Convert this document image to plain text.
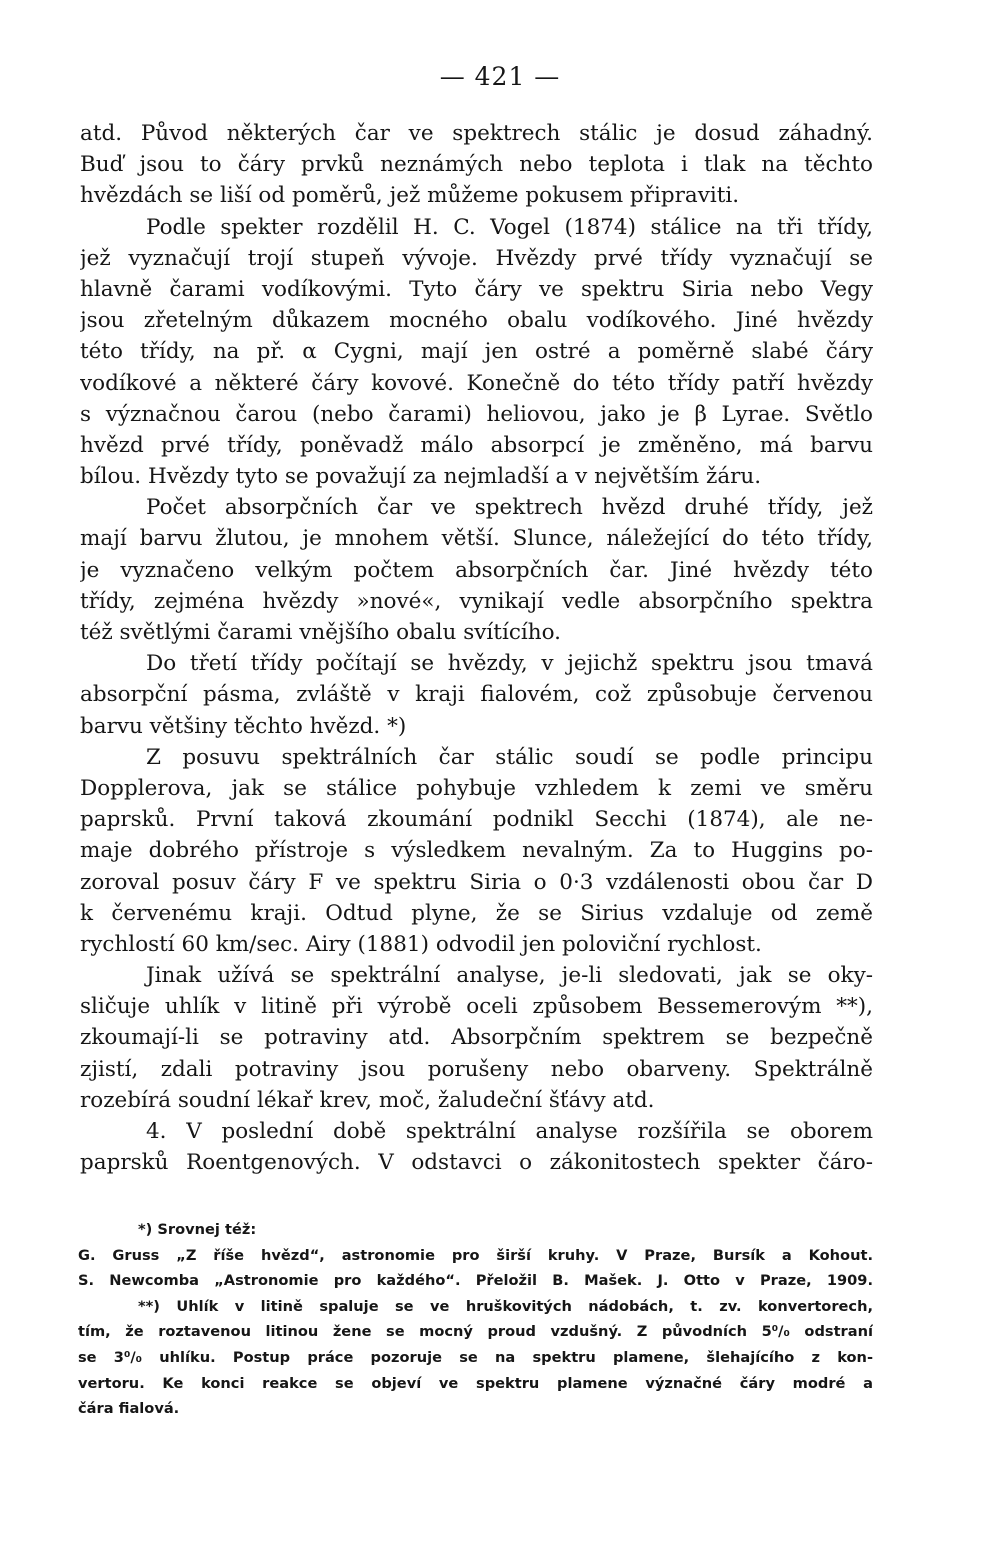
— 421 —
atd. Původ některých čar ve spektrech stálic je dosud záhadný.
Buď jsou to čáry prvků neznámých nebo teplota i tlak na těchto
hvězdách se liší od poměrů, jež můžeme pokusem připraviti.
Podle spekter rozdělil H. C. Vogel (1874) stálice na tři třídy,
jež vyznačují trojí stupeň vývoje. Hvězdy prvé třídy vyznačují se
hlavně čarami vodíkovými. Tyto čáry ve spektru Siria nebo Vegy
jsou zřetelným důkazem mocného obalu vodíkového. Jiné hvězdy
této třídy, na př. α Cygni, mají jen ostré a poměrně slabé čáry
vodíkové a některé čáry kovové. Konečně do této třídy patří hvězdy
s význačnou čarou (nebo čarami) heliovou, jako je β Lyrae. Světlo
hvězd prvé třídy, poněvadž málo absorpcí je změněno, má barvu
bílou. Hvězdy tyto se považují za nejmladší a v největším žáru.
Počet absorpčních čar ve spektrech hvězd druhé třídy, jež
mají barvu žlutou, je mnohem větší. Slunce, náležející do této třídy,
je vyznačeno velkým počtem absorpčních čar. Jiné hvězdy této
třídy, zejména hvězdy »nové«, vynikají vedle absorpčního spektra
též světlými čarami vnějšího obalu svítícího.
Do třetí třídy počítají se hvězdy, v jejichž spektru jsou tmavá
absorpční pásma, zvláště v kraji fialovém, což způsobuje červenou
barvu většiny těchto hvězd. *)
Z posuvu spektrálních čar stálic soudí se podle principu
Dopplerova, jak se stálice pohybuje vzhledem k zemi ve směru
paprsků. První taková zkoumání podnikl Secchi (1874), ale ne-
maje dobrého přístroje s výsledkem nevalným. Za to Huggins po-
zoroval posuv čáry F ve spektru Siria o 0·3 vzdálenosti obou čar D
k červenému kraji. Odtud plyne, že se Sirius vzdaluje od země
rychlostí 60 km/sec. Airy (1881) odvodil jen poloviční rychlost.
Jinak užívá se spektrální analyse, je-li sledovati, jak se oky-
sličuje uhlík v litině při výrobě oceli způsobem Bessemerovým **),
zkoumají-li se potraviny atd. Absorpčním spektrem se bezpečně
zjistí, zdali potraviny jsou porušeny nebo obarveny. Spektrálně
rozebírá soudní lékař krev, moč, žaludeční šťávy atd.
4. V poslední době spektrální analyse rozšířila se oborem
paprsků Roentgenových. V odstavci o zákonitostech spekter čáro-
*) Srovnej též:
G. Gruss „Z říše hvězd“, astronomie pro širší kruhy. V Praze, Bursík a Kohout.
S. Newcomba „Astronomie pro každého“. Přeložil B. Mašek. J. Otto v Praze, 1909.
**) Uhlík v litině spaluje se ve hruškovitých nádobách, t. zv. konvertorech,
tím, že roztavenou litinou žene se mocný proud vzdušný. Z původních 5⁰/₀ odstraní
se 3⁰/₀ uhlíku. Postup práce pozoruje se na spektru plamene, šlehajícího z kon-
vertoru. Ke konci reakce se objeví ve spektru plamene význačné čáry modré a
čára fialová.
